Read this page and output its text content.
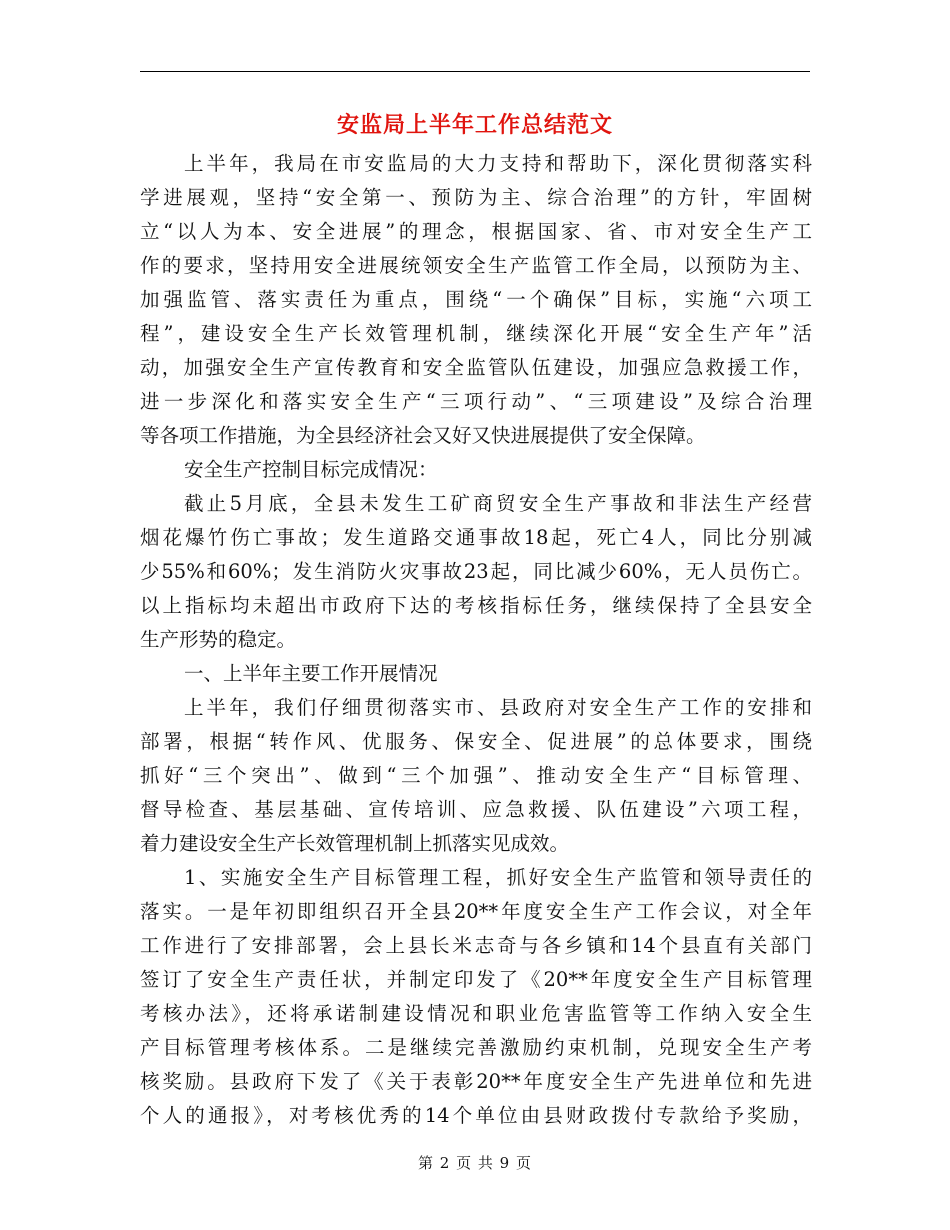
安监局上半年工作总结范文
上半年，我局在市安监局的大力支持和帮助下，深化贯彻落实科
学进展观，坚持“安全第一、预防为主、综合治理”的方针，牢固树
立“以人为本、安全进展”的理念，根据国家、省、市对安全生产工
作的要求，坚持用安全进展统领安全生产监管工作全局，以预防为主、
加强监管、落实责任为重点，围绕“一个确保”目标，实施“六项工
程”，建设安全生产长效管理机制，继续深化开展“安全生产年”活
动，加强安全生产宣传教育和安全监管队伍建设，加强应急救援工作，
进一步深化和落实安全生产“三项行动”、“三项建设”及综合治理
等各项工作措施，为全县经济社会又好又快进展提供了安全保障。
安全生产控制目标完成情况：
截止5月底，全县未发生工矿商贸安全生产事故和非法生产经营
烟花爆竹伤亡事故；发生道路交通事故18起，死亡4人，同比分别减
少55%和60%；发生消防火灾事故23起，同比减少60%，无人员伤亡。
以上指标均未超出市政府下达的考核指标任务，继续保持了全县安全
生产形势的稳定。
一、上半年主要工作开展情况
上半年，我们仔细贯彻落实市、县政府对安全生产工作的安排和
部署，根据“转作风、优服务、保安全、促进展”的总体要求，围绕
抓好“三个突出”、做到“三个加强”、推动安全生产“目标管理、
督导检查、基层基础、宣传培训、应急救援、队伍建设”六项工程，
着力建设安全生产长效管理机制上抓落实见成效。
1、实施安全生产目标管理工程，抓好安全生产监管和领导责任的
落实。一是年初即组织召开全县20**年度安全生产工作会议，对全年
工作进行了安排部署，会上县长米志奇与各乡镇和14个县直有关部门
签订了安全生产责任状，并制定印发了《20**年度安全生产目标管理
考核办法》，还将承诺制建设情况和职业危害监管等工作纳入安全生
产目标管理考核体系。二是继续完善激励约束机制，兑现安全生产考
核奖励。县政府下发了《关于表彰20**年度安全生产先进单位和先进
个人的通报》，对考核优秀的14个单位由县财政拨付专款给予奖励，
第 2 页 共 9 页
